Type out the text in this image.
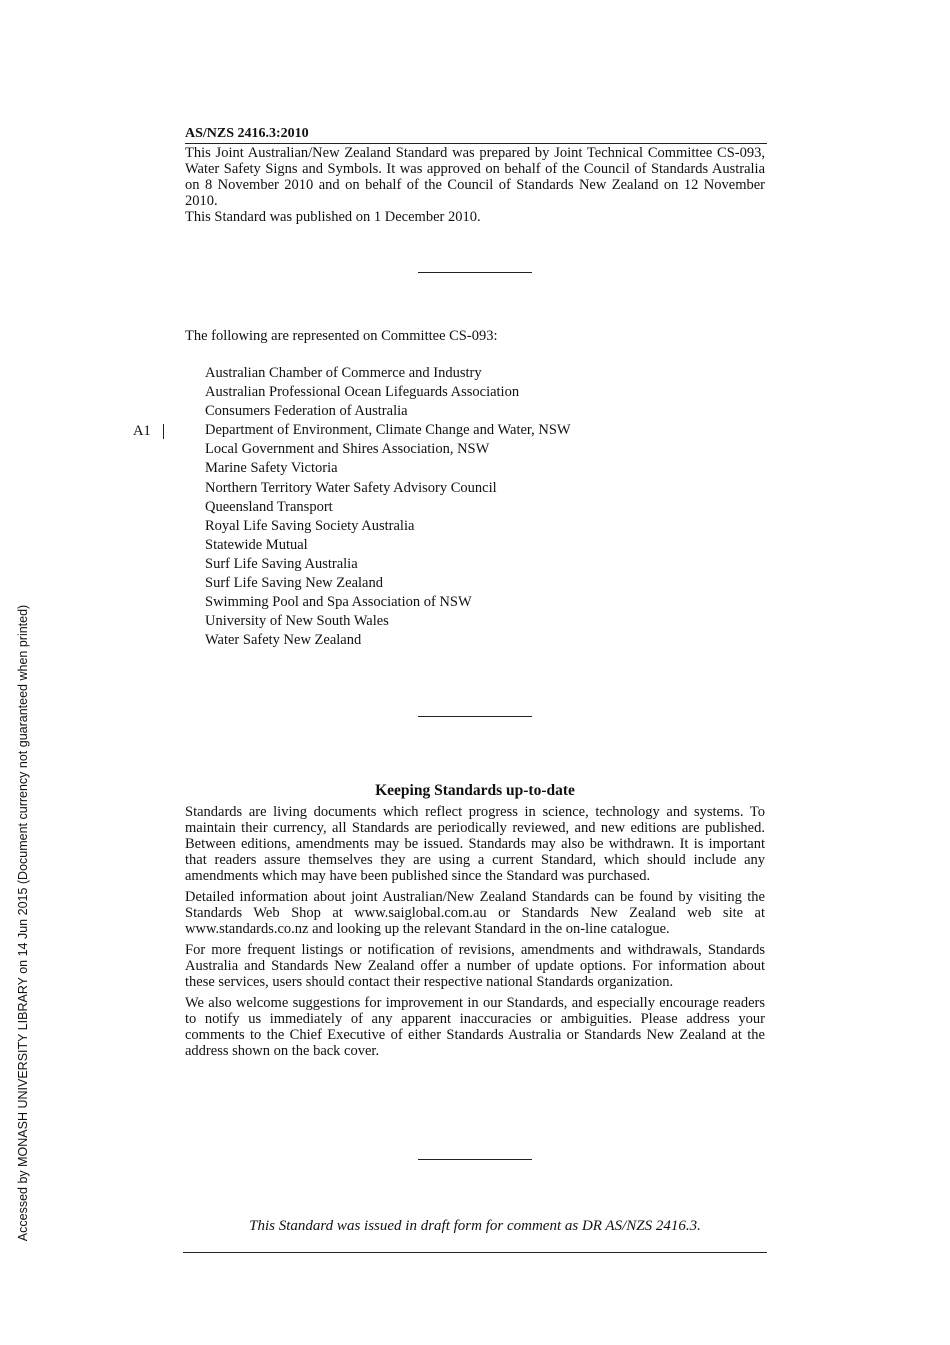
AS/NZS 2416.3:2010

This Joint Australian/New Zealand Standard was prepared by Joint Technical Committee CS-093, Water Safety Signs and Symbols. It was approved on behalf of the Council of Standards Australia on 8 November 2010 and on behalf of the Council of Standards New Zealand on 12 November 2010.

This Standard was published on 1 December 2010.

The following are represented on Committee CS-093:
A1
Australian Chamber of Commerce and Industry
Australian Professional Ocean Lifeguards Association
Consumers Federation of Australia
Department of Environment, Climate Change and Water, NSW
Local Government and Shires Association, NSW
Marine Safety Victoria
Northern Territory Water Safety Advisory Council
Queensland Transport
Royal Life Saving Society Australia
Statewide Mutual
Surf Life Saving Australia
Surf Life Saving New Zealand
Swimming Pool and Spa Association of NSW
University of New South Wales
Water Safety New Zealand
Keeping Standards up-to-date

Standards are living documents which reflect progress in science, technology and systems. To maintain their currency, all Standards are periodically reviewed, and new editions are published. Between editions, amendments may be issued. Standards may also be withdrawn. It is important that readers assure themselves they are using a current Standard, which should include any amendments which may have been published since the Standard was purchased.

Detailed information about joint Australian/New Zealand Standards can be found by visiting the Standards Web Shop at www.saiglobal.com.au or Standards New Zealand web site at www.standards.co.nz and looking up the relevant Standard in the on-line catalogue.

For more frequent listings or notification of revisions, amendments and withdrawals, Standards Australia and Standards New Zealand offer a number of update options. For information about these services, users should contact their respective national Standards organization.

We also welcome suggestions for improvement in our Standards, and especially encourage readers to notify us immediately of any apparent inaccuracies or ambiguities. Please address your comments to the Chief Executive of either Standards Australia or Standards New Zealand at the address shown on the back cover.

This Standard was issued in draft form for comment as DR AS/NZS 2416.3.
Accessed by MONASH UNIVERSITY LIBRARY on 14 Jun 2015 (Document currency not guaranteed when printed)
